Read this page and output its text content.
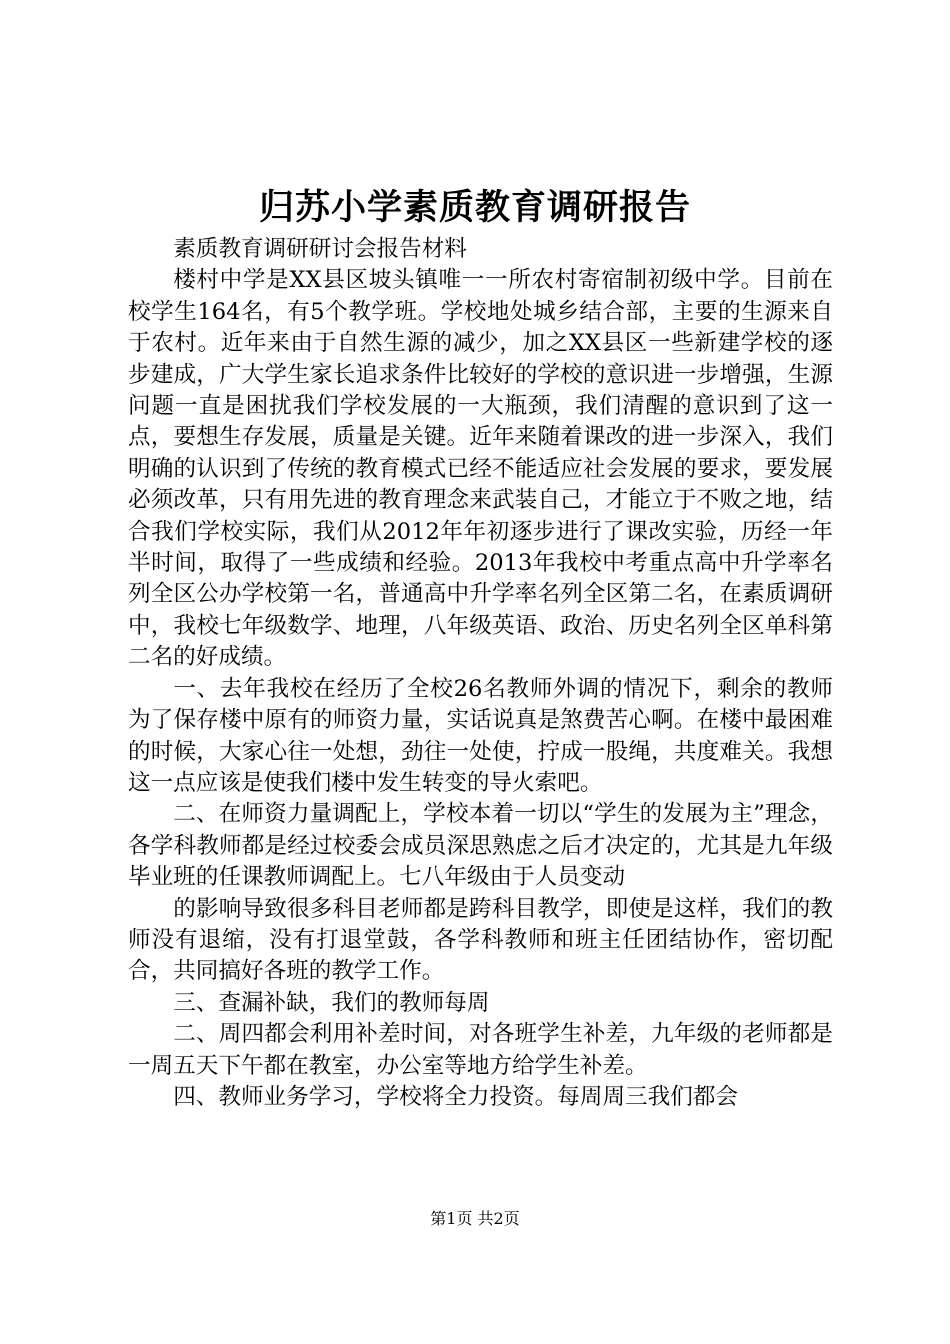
归苏小学素质教育调研报告

素质教育调研研讨会报告材料

楼村中学是XX县区坡头镇唯一一所农村寄宿制初级中学。目前在校学生164名，有5个教学班。学校地处城乡结合部，主要的生源来自于农村。近年来由于自然生源的减少，加之XX县区一些新建学校的逐步建成，广大学生家长追求条件比较好的学校的意识进一步增强，生源问题一直是困扰我们学校发展的一大瓶颈，我们清醒的意识到了这一点，要想生存发展，质量是关键。近年来随着课改的进一步深入，我们明确的认识到了传统的教育模式已经不能适应社会发展的要求，要发展必须改革，只有用先进的教育理念来武装自己，才能立于不败之地，结合我们学校实际，我们从2012年年初逐步进行了课改实验，历经一年半时间，取得了一些成绩和经验。2013年我校中考重点高中升学率名列全区公办学校第一名，普通高中升学率名列全区第二名，在素质调研中，我校七年级数学、地理，八年级英语、政治、历史名列全区单科第二名的好成绩。

一、去年我校在经历了全校26名教师外调的情况下，剩余的教师为了保存楼中原有的师资力量，实话说真是煞费苦心啊。在楼中最困难的时候，大家心往一处想，劲往一处使，拧成一股绳，共度难关。我想这一点应该是使我们楼中发生转变的导火索吧。

二、在师资力量调配上，学校本着一切以“学生的发展为主”理念，各学科教师都是经过校委会成员深思熟虑之后才决定的，尤其是九年级毕业班的任课教师调配上。七八年级由于人员变动

的影响导致很多科目老师都是跨科目教学，即使是这样，我们的教师没有退缩，没有打退堂鼓，各学科教师和班主任团结协作，密切配合，共同搞好各班的教学工作。

三、查漏补缺，我们的教师每周

二、周四都会利用补差时间，对各班学生补差，九年级的老师都是一周五天下午都在教室，办公室等地方给学生补差。

四、教师业务学习，学校将全力投资。每周周三我们都会

第1页 共2页
